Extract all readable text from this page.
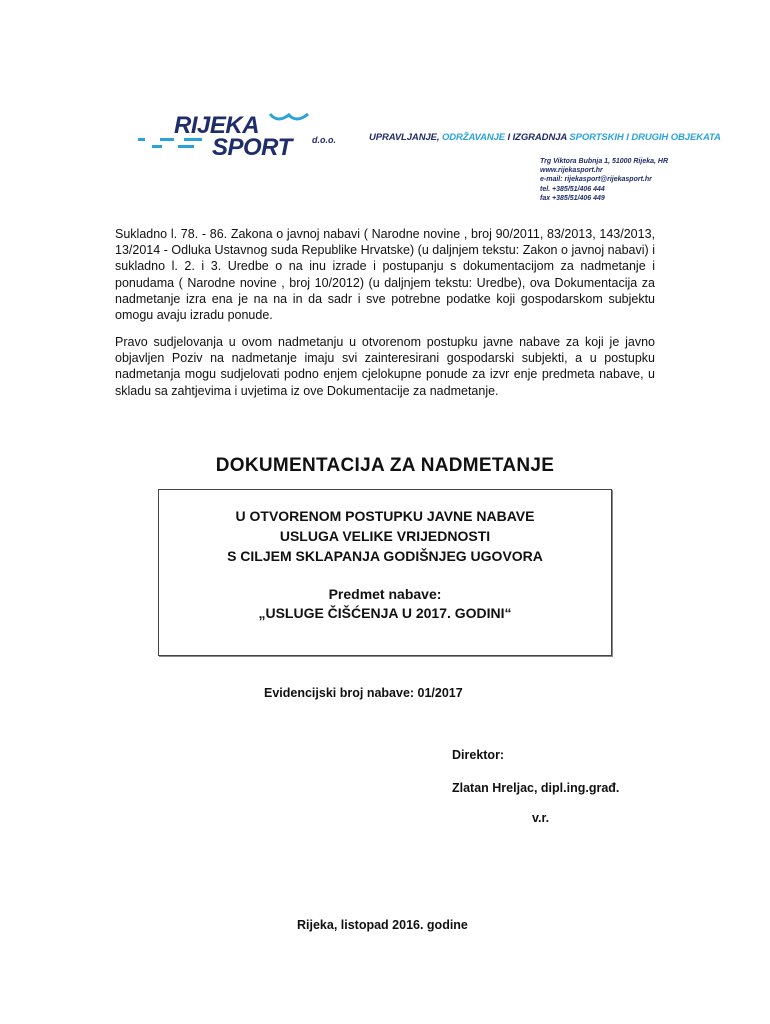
RIJEKA
SPORT d.o.o.	UPRAVLJANJE, ODRŽAVANJE I IZGRADNJA SPORTSKIH I DRUGIH OBJEKATA
Trg Viktora Bubnja 1, 51000 Rijeka, HR
www.rijekasport.hr
e-mail: rijekasport@rijekasport.hr
tel. +385/51/406 444
fax +385/51/406 449
Sukladno l. 78. - 86. Zakona o javnoj nabavi ( Narodne novine , broj 90/2011, 83/2013, 143/2013, 13/2014 - Odluka Ustavnog suda Republike Hrvatske) (u daljnjem tekstu: Zakon o javnoj nabavi) i sukladno l. 2. i 3. Uredbe o na inu izrade i postupanju s dokumentacijom za nadmetanje i ponudama ( Narodne novine , broj 10/2012) (u daljnjem tekstu: Uredbe), ova Dokumentacija za nadmetanje izra ena je na na in da sadr i sve potrebne podatke koji gospodarskom subjektu omogu avaju izradu ponude.
Pravo sudjelovanja u ovom nadmetanju u otvorenom postupku javne nabave za koji je javno objavljen Poziv na nadmetanje imaju svi zainteresirani gospodarski subjekti, a u postupku nadmetanja mogu sudjelovati podno enjem cjelokupne ponude za izvr enje predmeta nabave, u skladu sa zahtjevima i uvjetima iz ove Dokumentacije za nadmetanje.
DOKUMENTACIJA ZA NADMETANJE
U OTVORENOM POSTUPKU JAVNE NABAVE
USLUGA VELIKE VRIJEDNOSTI
S CILJEM SKLAPANJA GODIŠNJEG UGOVORA
Predmet nabave:
„USLUGE ČIŠĆENJA U 2017. GODINI“
Evidencijski broj nabave: 01/2017
Direktor:
Zlatan Hreljac, dipl.ing.građ.
v.r.
Rijeka, listopad 2016. godine
